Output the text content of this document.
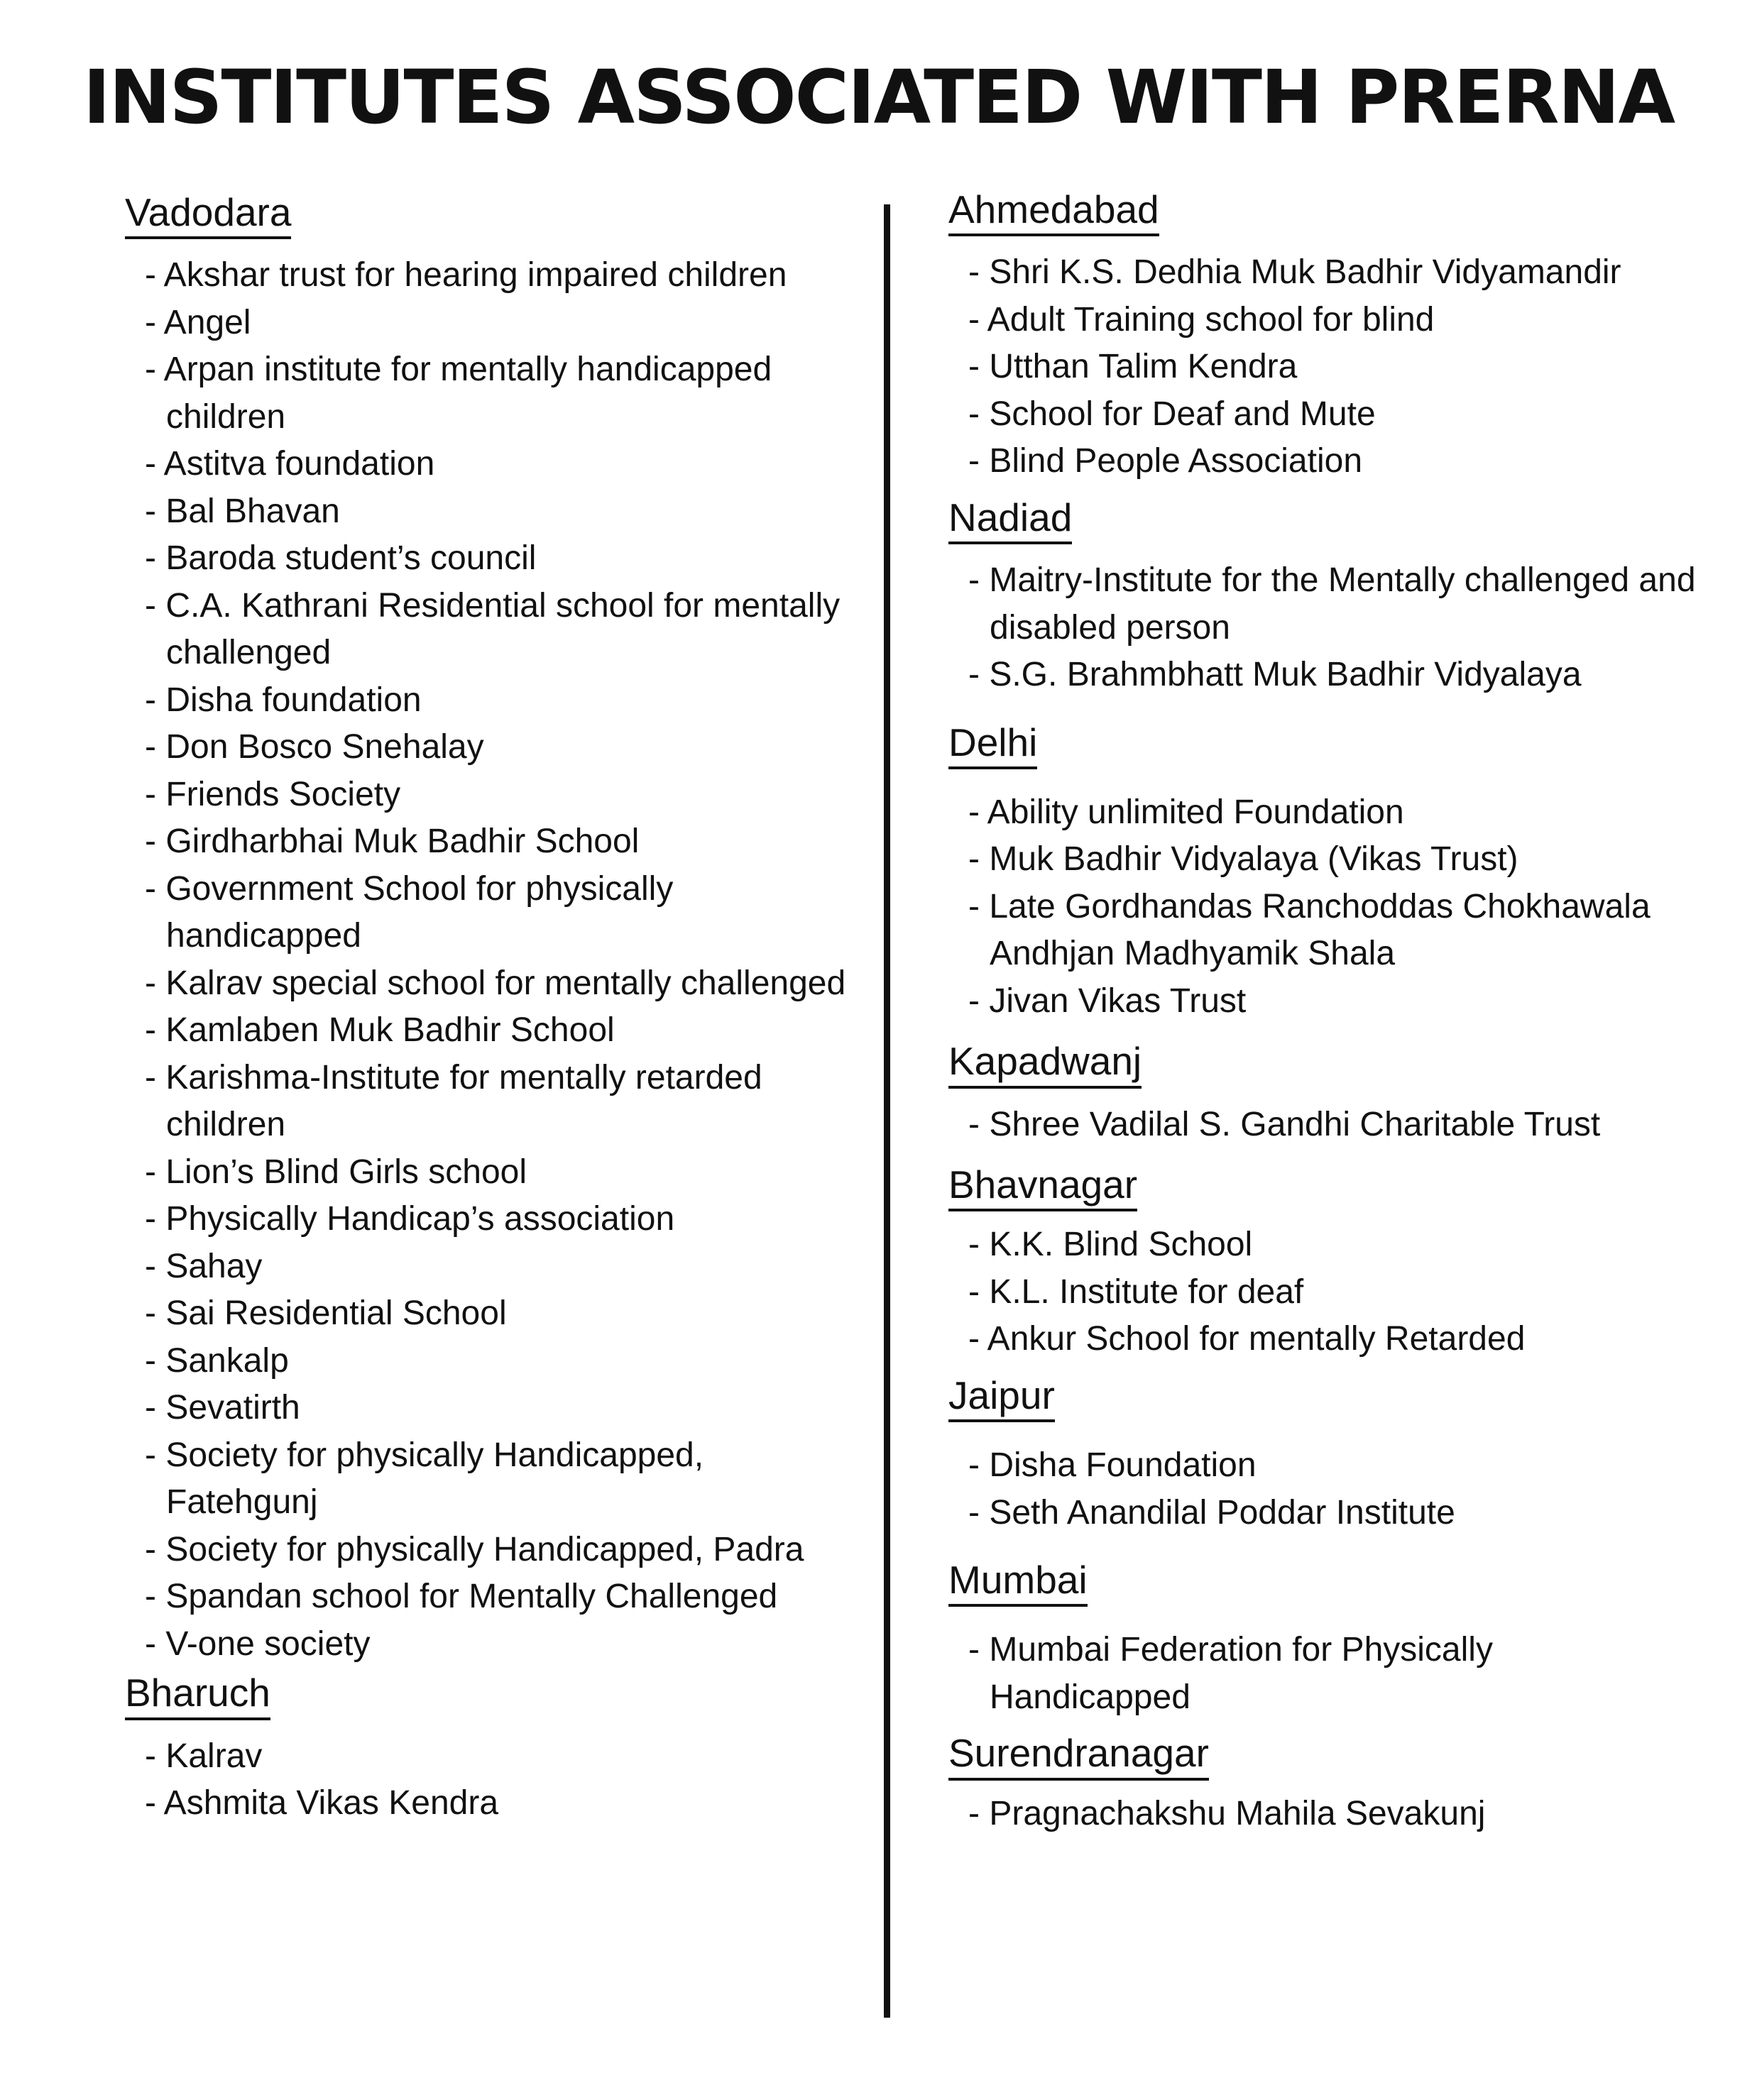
INSTITUTES ASSOCIATED WITH PRERNA
Vadodara
- Akshar trust for hearing impaired children
- Angel
- Arpan institute for mentally handicapped children
- Astitva foundation
- Bal Bhavan
- Baroda student’s council
- C.A. Kathrani Residential school for mentally challenged
- Disha foundation
- Don Bosco Snehalay
- Friends Society
- Girdharbhai Muk Badhir School
- Government School for physically handicapped
- Kalrav special school for mentally challenged
- Kamlaben Muk Badhir School
- Karishma-Institute for mentally retarded children
- Lion’s Blind Girls school
- Physically Handicap’s association
- Sahay
- Sai Residential School
- Sankalp
- Sevatirth
- Society for physically Handicapped, Fatehgunj
- Society for physically Handicapped, Padra
- Spandan school for Mentally Challenged
- V-one society
Bharuch
- Kalrav
- Ashmita Vikas Kendra
Ahmedabad
- Shri K.S. Dedhia Muk Badhir Vidyamandir
- Adult Training school for blind
- Utthan Talim Kendra
- School for Deaf and Mute
- Blind People Association
Nadiad
- Maitry-Institute for the Mentally challenged and disabled person
- S.G. Brahmbhatt Muk Badhir Vidyalaya
Delhi
- Ability unlimited Foundation
- Muk Badhir Vidyalaya (Vikas Trust)
- Late Gordhandas Ranchoddas Chokhawala Andhjan Madhyamik Shala
- Jivan Vikas Trust
Kapadwanj
- Shree Vadilal S. Gandhi Charitable Trust
Bhavnagar
- K.K. Blind School
- K.L. Institute for deaf
- Ankur School for mentally Retarded
Jaipur
- Disha Foundation
- Seth Anandilal Poddar Institute
Mumbai
- Mumbai Federation for Physically Handicapped
Surendranagar
- Pragnachakshu Mahila Sevakunj
